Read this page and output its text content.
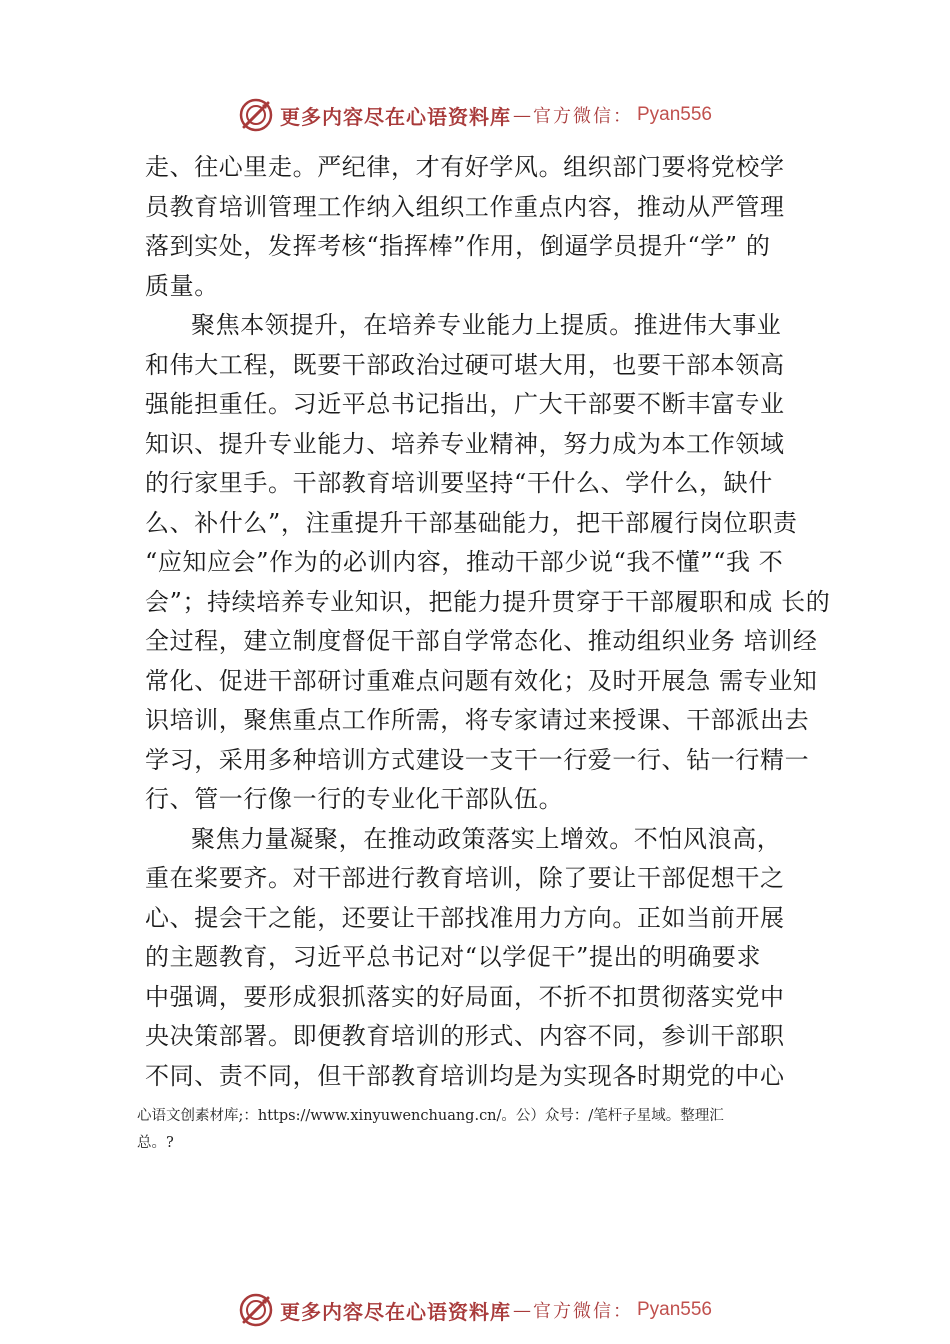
更多内容尽在心语资料库 — 官方微信： Pyan556
走、往心里走。严纪律，才有好学风。组织部门要将党校学
员教育培训管理工作纳入组织工作重点内容，推动从严管理
落到实处，发挥考核“指挥棒”作用，倒逼学员提升“学” 的
质量。
聚焦本领提升，在培养专业能力上提质。推进伟大事业
和伟大工程，既要干部政治过硬可堪大用，也要干部本领高
强能担重任。习近平总书记指出，广大干部要不断丰富专业
知识、提升专业能力、培养专业精神，努力成为本工作领域
的行家里手。干部教育培训要坚持“干什么、学什么，缺什
么、补什么”，注重提升干部基础能力，把干部履行岗位职责
“应知应会”作为的必训内容，推动干部少说“我不懂”“我 不
会”；持续培养专业知识，把能力提升贯穿于干部履职和成 长的
全过程，建立制度督促干部自学常态化、推动组织业务 培训经
常化、促进干部研讨重难点问题有效化；及时开展急 需专业知
识培训，聚焦重点工作所需，将专家请过来授课、干部派出去
学习，采用多种培训方式建设一支干一行爱一行、钻一行精一
行、管一行像一行的专业化干部队伍。
聚焦力量凝聚，在推动政策落实上增效。不怕风浪高，
重在桨要齐。对干部进行教育培训，除了要让干部促想干之
心、提会干之能，还要让干部找准用力方向。正如当前开展
的主题教育，习近平总书记对“以学促干”提出的明确要求
中强调，要形成狠抓落实的好局面，不折不扣贯彻落实党中
央决策部署。即便教育培训的形式、内容不同，参训干部职
不同、责不同，但干部教育培训均是为实现各时期党的中心
心语文创素材库;：https://www.xinyuwenchuang.cn/。公）众号：/笔杆子星域。整理汇
总。?
更多内容尽在心语资料库 — 官方微信： Pyan556
